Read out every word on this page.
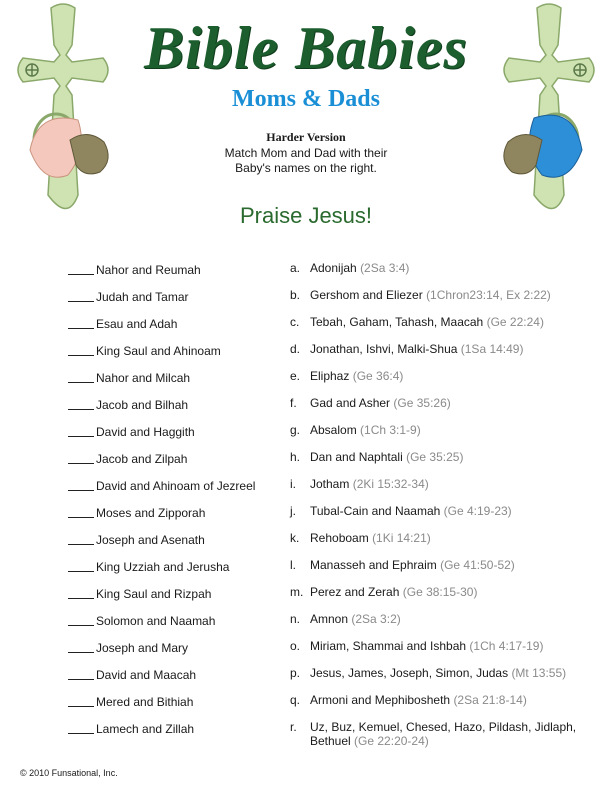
Bible Babies
Moms & Dads
Harder Version
Match Mom and Dad with their Baby's names on the right.
Praise Jesus!
Nahor and Reumah
Judah and Tamar
Esau and Adah
King Saul and Ahinoam
Nahor and Milcah
Jacob and Bilhah
David and Haggith
Jacob and Zilpah
David and Ahinoam of Jezreel
Moses and Zipporah
Joseph and Asenath
King Uzziah and Jerusha
King Saul and Rizpah
Solomon and Naamah
Joseph and Mary
David and Maacah
Mered and Bithiah
Lamech and Zillah
a. Adonijah (2Sa 3:4)
b. Gershom and Eliezer (1Chron23:14, Ex 2:22)
c. Tebah, Gaham, Tahash, Maacah (Ge 22:24)
d. Jonathan, Ishvi, Malki-Shua (1Sa 14:49)
e. Eliphaz (Ge 36:4)
f.	Gad and Asher (Ge 35:26)
g. Absalom (1Ch 3:1-9)
h. Dan and Naphtali (Ge 35:25)
i.	Jotham (2Ki 15:32-34)
j.	Tubal-Cain and Naamah (Ge 4:19-23)
k. Rehoboam (1Ki 14:21)
l.	Manasseh and Ephraim (Ge 41:50-52)
m. Perez and Zerah (Ge 38:15-30)
n. Amnon (2Sa 3:2)
o. Miriam, Shammai and Ishbah (1Ch 4:17-19)
p. Jesus, James, Joseph, Simon, Judas (Mt 13:55)
q. Armoni and Mephibosheth (2Sa 21:8-14)
r.	Uz, Buz, Kemuel, Chesed, Hazo, Pildash, Jidlaph, Bethuel (Ge 22:20-24)
© 2010 Funsational, Inc.
